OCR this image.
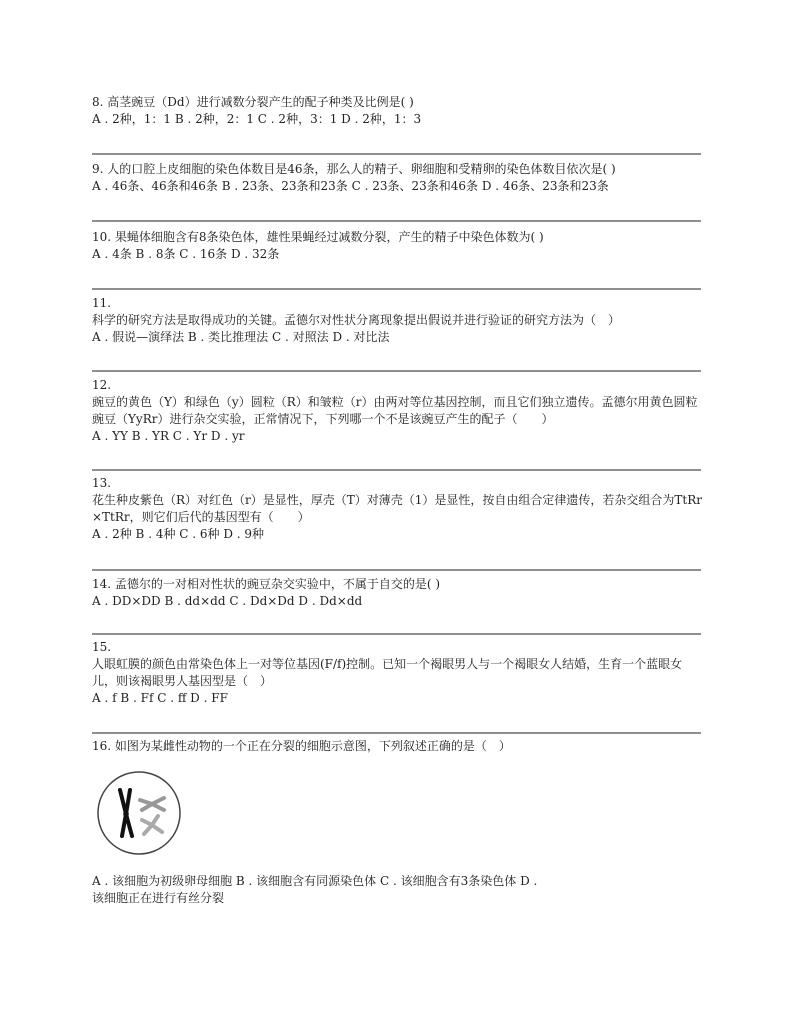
8. 高茎豌豆（Dd）进行减数分裂产生的配子种类及比例是( )
A . 2种，1：1 B . 2种，2：1 C . 2种，3：1 D . 2种，1：3
9. 人的口腔上皮细胞的染色体数目是46条，那么人的精子、卵细胞和受精卵的染色体数目依次是( )
A . 46条、46条和46条 B . 23条、23条和23条 C . 23条、23条和46条 D . 46条、23条和23条
10. 果蝇体细胞含有8条染色体，雄性果蝇经过减数分裂，产生的精子中染色体数为( )
A . 4条 B . 8条 C . 16条 D . 32条
11.
科学的研究方法是取得成功的关键。孟德尔对性状分离现象提出假说并进行验证的研究方法为（　）
A . 假说—演绎法 B . 类比推理法 C . 对照法 D . 对比法
12.
豌豆的黄色（Y）和绿色（y）圆粒（R）和皱粒（r）由两对等位基因控制，而且它们独立遗传。孟德尔用黄色圆粒豌豆（YyRr）进行杂交实验，正常情况下，下列哪一个不是该豌豆产生的配子（　　）
A . YY B . YR C . Yr D . yr
13.
花生种皮紫色（R）对红色（r）是显性，厚壳（T）对薄壳（1）是显性，按自由组合定律遗传，若杂交组合为TtRr×TtRr，则它们后代的基因型有（　　）
A . 2种 B . 4种 C . 6种 D . 9种
14. 孟德尔的一对相对性状的豌豆杂交实验中，不属于自交的是( )
A . DD×DD B . dd×dd C . Dd×Dd D . Dd×dd
15.
人眼虹膜的颜色由常染色体上一对等位基因(F/f)控制。已知一个褐眼男人与一个褐眼女人结婚，生育一个蓝眼女儿，则该褐眼男人基因型是（　）
A . f B . Ff C . ff D . FF
16. 如图为某雌性动物的一个正在分裂的细胞示意图，下列叙述正确的是（　）
A . 该细胞为初级卵母细胞 B . 该细胞含有同源染色体 C . 该细胞含有3条染色体 D .
该细胞正在进行有丝分裂
